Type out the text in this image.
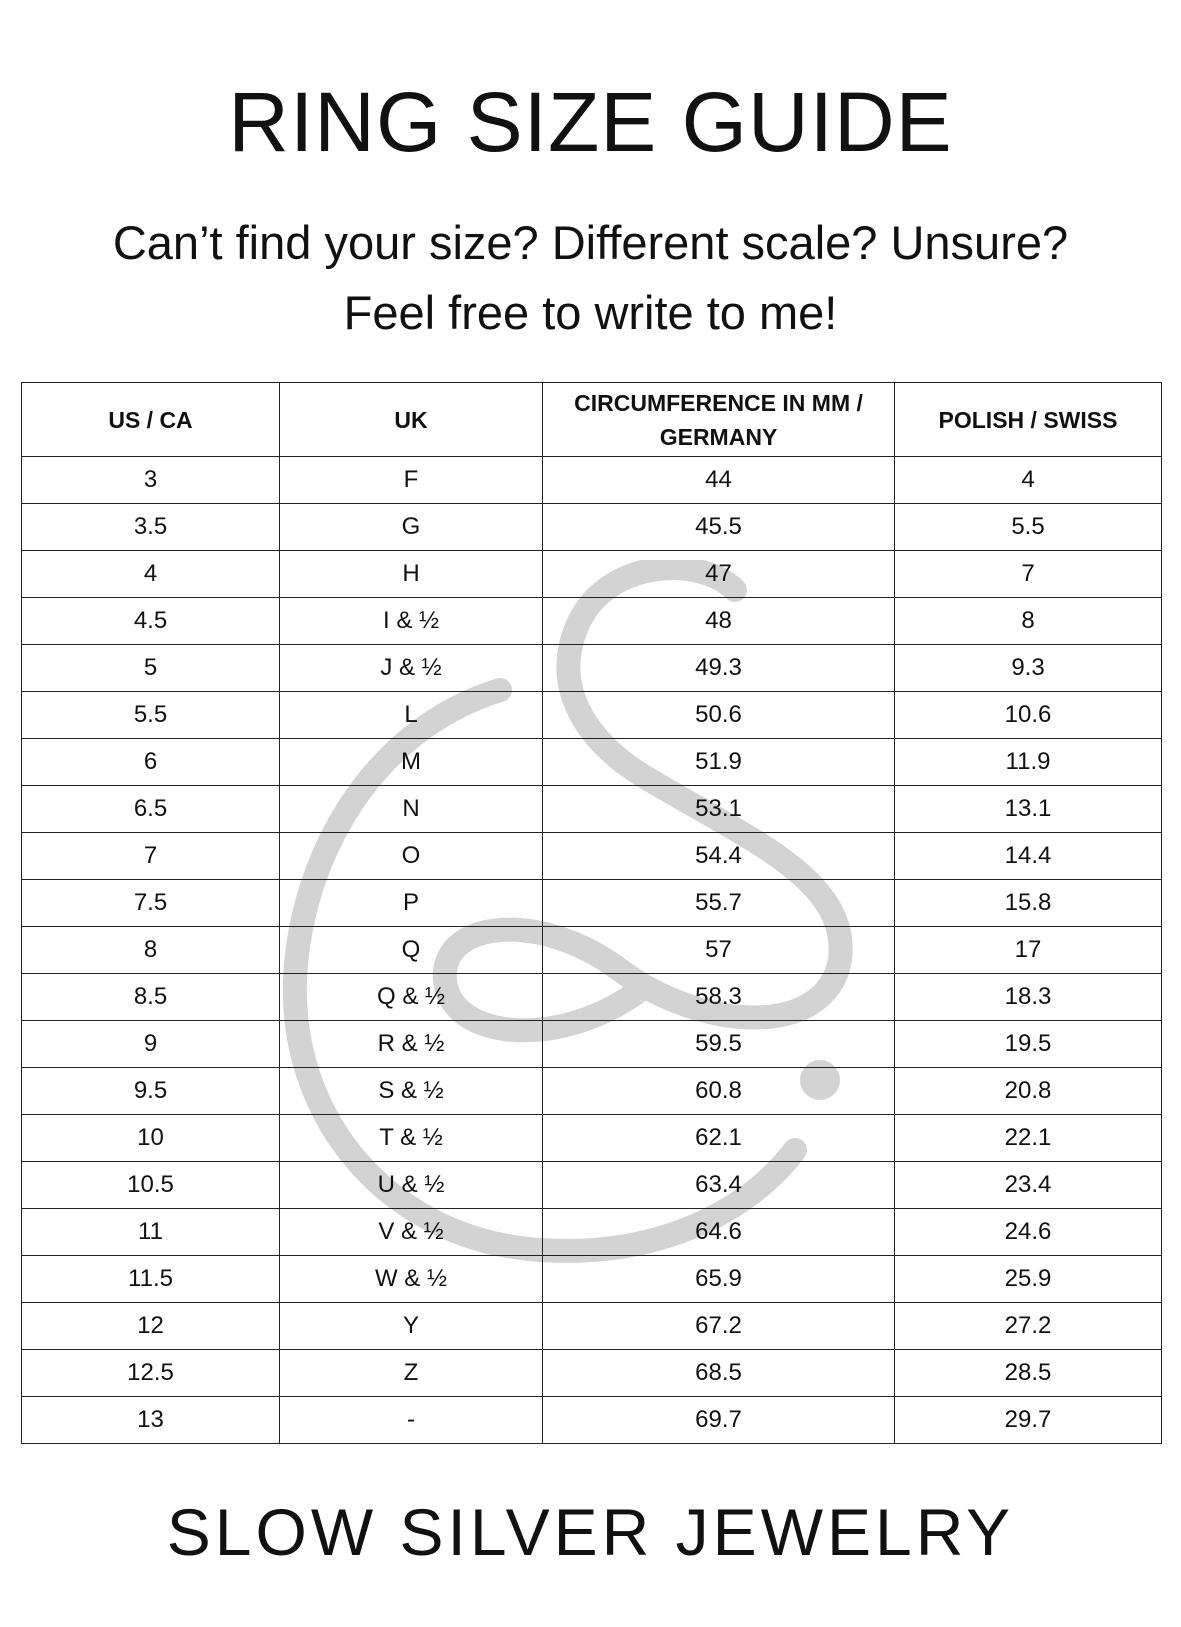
RING SIZE GUIDE
Can’t find your size? Different scale? Unsure?
Feel free to write to me!
US / CA	UK	CIRCUMFERENCE IN MM / GERMANY	POLISH / SWISS
3	F	44	4
3.5	G	45.5	5.5
4	H	47	7
4.5	I & ½	48	8
5	J & ½	49.3	9.3
5.5	L	50.6	10.6
6	M	51.9	11.9
6.5	N	53.1	13.1
7	O	54.4	14.4
7.5	P	55.7	15.8
8	Q	57	17
8.5	Q & ½	58.3	18.3
9	R & ½	59.5	19.5
9.5	S & ½	60.8	20.8
10	T & ½	62.1	22.1
10.5	U & ½	63.4	23.4
11	V & ½	64.6	24.6
11.5	W & ½	65.9	25.9
12	Y	67.2	27.2
12.5	Z	68.5	28.5
13	-	69.7	29.7
SLOW SILVER JEWELRY
